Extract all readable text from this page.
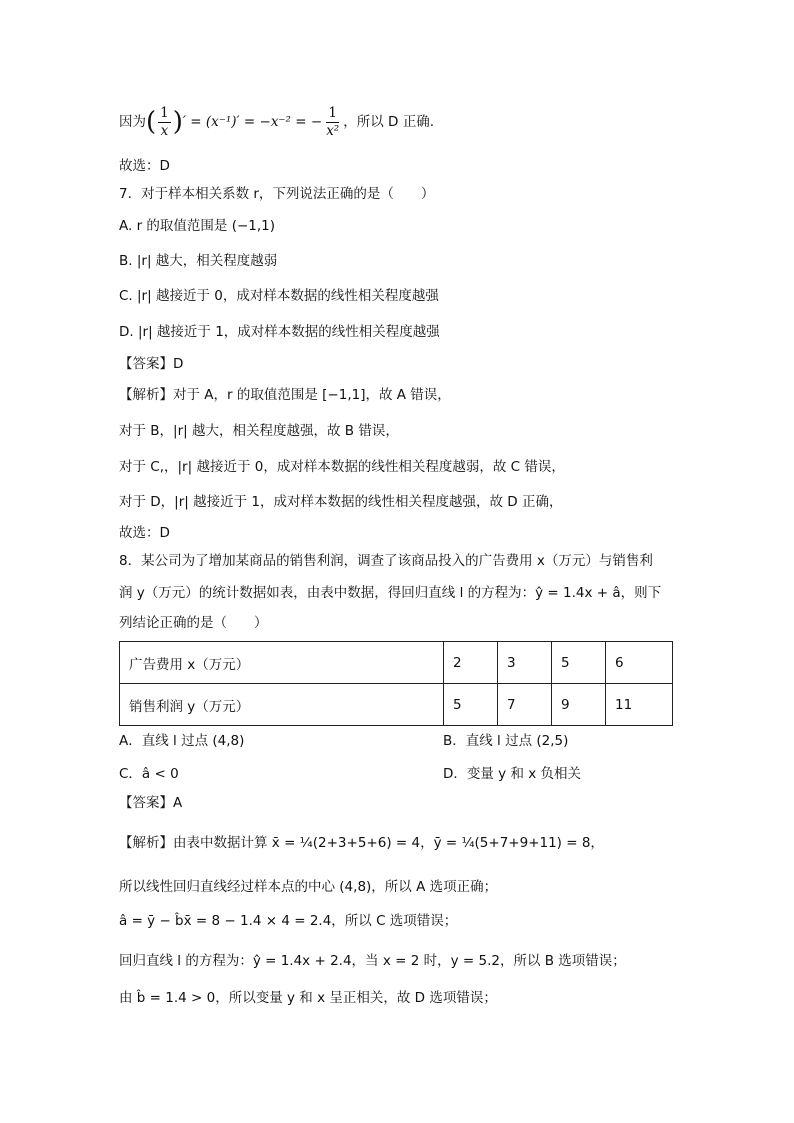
因为( $\frac{1}{x}$ )′ = (x⁻¹)′ = −x⁻² = − $\frac{1}{\text{x²}}$ ，所以 D 正确.
故选：D
7．对于样本相关系数 r，下列说法正确的是（　　）
A. r 的取值范围是 (−1,1)
B. |r| 越大，相关程度越弱
C. |r| 越接近于 0，成对样本数据的线性相关程度越强
D. |r| 越接近于 1，成对样本数据的线性相关程度越强
【答案】D
【解析】对于 A，r 的取值范围是 [−1,1]，故 A 错误，
对于 B，|r| 越大，相关程度越强，故 B 错误，
对于 C,，|r| 越接近于 0，成对样本数据的线性相关程度越弱，故 C 错误，
对于 D，|r| 越接近于 1，成对样本数据的线性相关程度越强，故 D 正确，
故选：D
8．某公司为了增加某商品的销售利润，调查了该商品投入的广告费用 x（万元）与销售利
润 y（万元）的统计数据如表，由表中数据，得回归直线 l 的方程为：ŷ = 1.4x + â，则下
列结论正确的是（　　）
广告费用 x（万元）	2	3	5	6
销售利润 y（万元）	5	7	9	11
A．直线 l 过点 (4,8)	B．直线 l 过点 (2,5)
C．â < 0	D．变量 y 和 x 负相关
【答案】A
【解析】由表中数据计算 x̄ = ¼(2+3+5+6) = 4，ȳ = ¼(5+7+9+11) = 8，
所以线性回归直线经过样本点的中心 (4,8)，所以 A 选项正确；
â = ȳ − b̂x̄ = 8 − 1.4 × 4 = 2.4，所以 C 选项错误；
回归直线 l 的方程为：ŷ = 1.4x + 2.4，当 x = 2 时，y = 5.2，所以 B 选项错误；
由 b̂ = 1.4 > 0，所以变量 y 和 x 呈正相关，故 D 选项错误；
